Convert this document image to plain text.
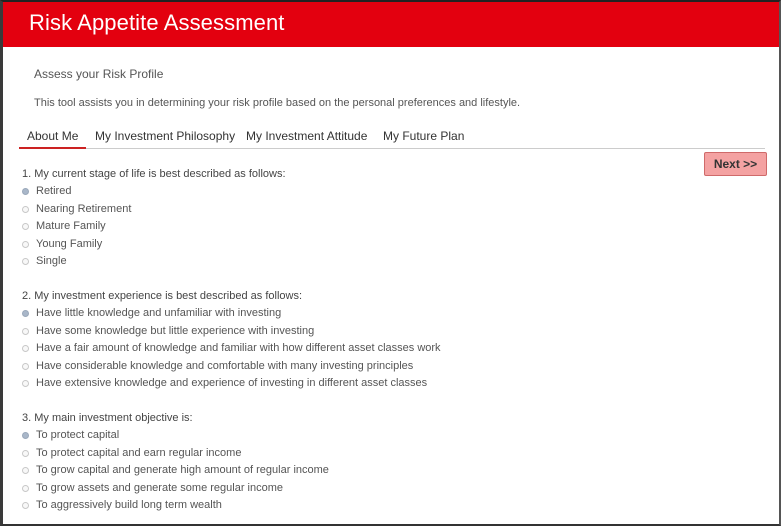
Risk Appetite Assessment
Assess your Risk Profile
This tool assists you in determining your risk profile based on the personal preferences and lifestyle.
About Me My Investment Philosophy My Investment Attitude My Future Plan
Next >>
1. My current stage of life is best described as follows:
Retired
Nearing Retirement
Mature Family
Young Family
Single
2. My investment experience is best described as follows:
Have little knowledge and unfamiliar with investing
Have some knowledge but little experience with investing
Have a fair amount of knowledge and familiar with how different asset classes work
Have considerable knowledge and comfortable with many investing principles
Have extensive knowledge and experience of investing in different asset classes
3. My main investment objective is:
To protect capital
To protect capital and earn regular income
To grow capital and generate high amount of regular income
To grow assets and generate some regular income
To aggressively build long term wealth
